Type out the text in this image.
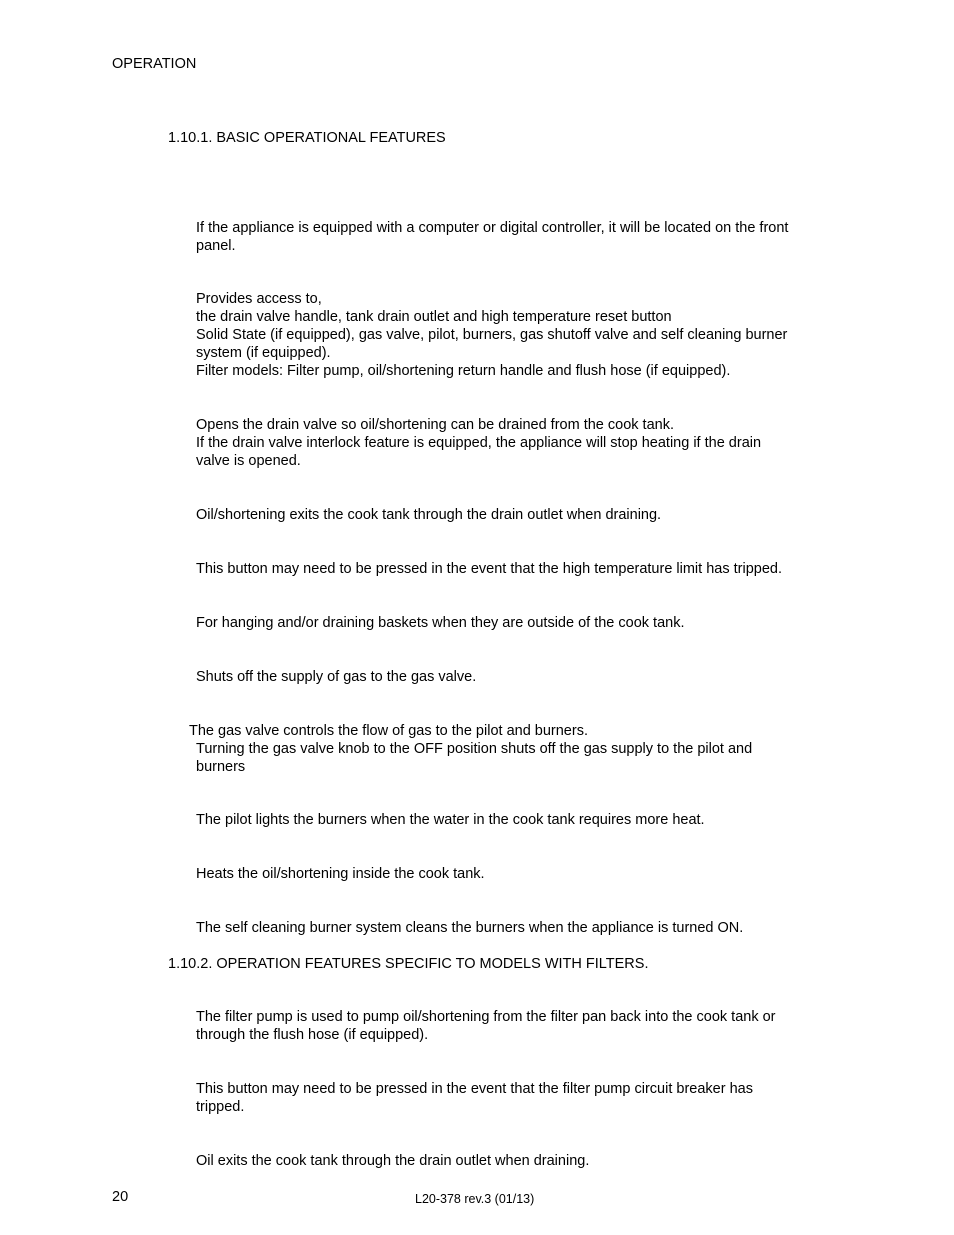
OPERATION
1.10.1. BASIC OPERATIONAL FEATURES
If the appliance is equipped with a computer or digital controller, it will be located on the front
panel.
Provides access to,
the drain valve handle, tank drain outlet and high temperature reset button
Solid State (if equipped), gas valve, pilot, burners, gas shutoff valve and self cleaning burner
system (if equipped).
Filter models: Filter pump, oil/shortening return handle and flush hose (if equipped).
Opens the drain valve so oil/shortening can be drained from the cook tank.
If the drain valve interlock feature is equipped, the appliance will stop heating if the drain
valve is opened.
Oil/shortening exits the cook tank through the drain outlet when draining.
This button may need to be pressed in the event that the high temperature limit has tripped.
For hanging and/or draining baskets when they are outside of the cook tank.
Shuts off the supply of gas to the gas valve.
The gas valve controls the flow of gas to the pilot and burners.
Turning the gas valve knob to the OFF position shuts off the gas supply to the pilot and
burners
The pilot lights the burners when the water in the cook tank requires more heat.
Heats the oil/shortening inside the cook tank.
The self cleaning burner system cleans the burners when the appliance is turned ON.
1.10.2. OPERATION FEATURES SPECIFIC TO MODELS WITH FILTERS.
The filter pump is used to pump oil/shortening from the filter pan back into the cook tank or
through the flush hose (if equipped).
This button may need to be pressed in the event that the filter pump circuit breaker has
tripped.
Oil exits the cook tank through the drain outlet when draining.
20	L20-378 rev.3 (01/13)
